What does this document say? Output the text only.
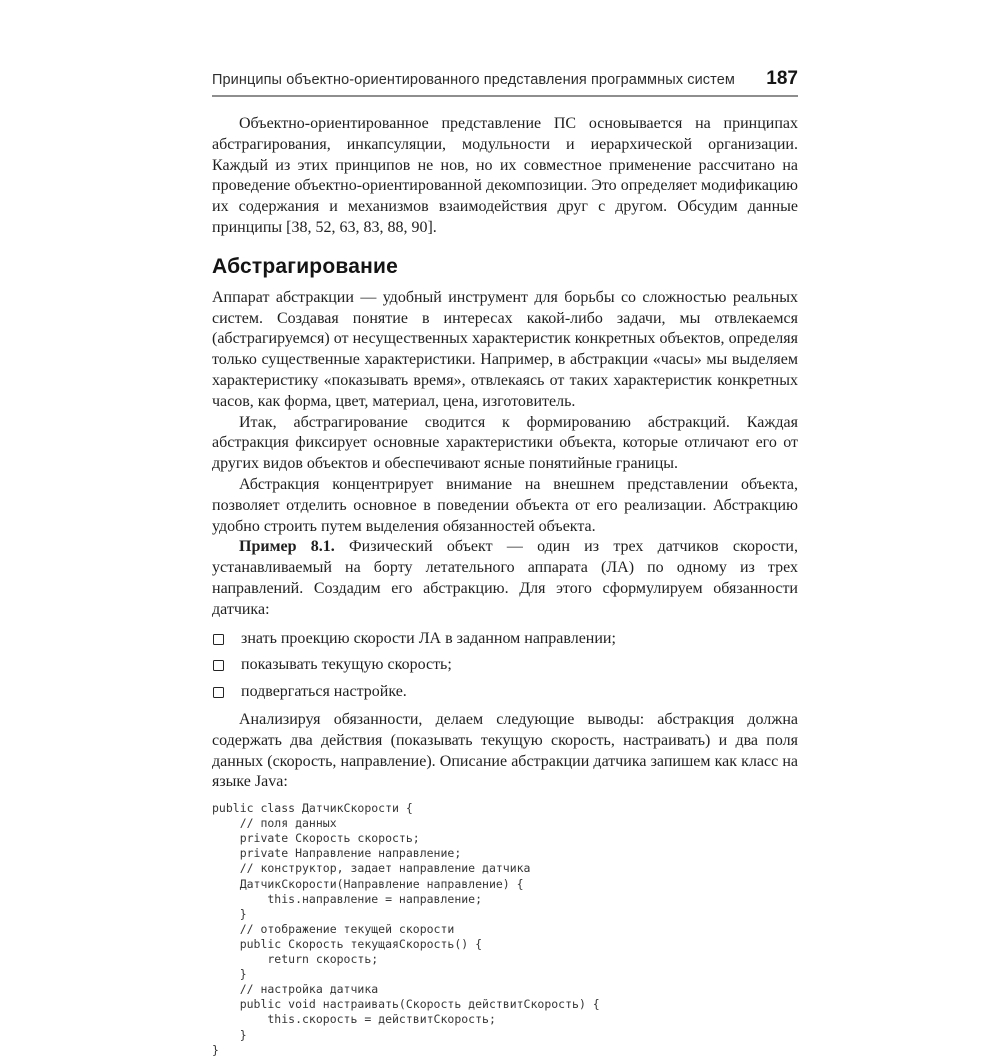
Принципы объектно-ориентированного представления программных систем 187

Объектно-ориентированное представление ПС основывается на принципах абстрагирования, инкапсуляции, модульности и иерархической организации. Каждый из этих принципов не нов, но их совместное применение рассчитано на проведение объектно-ориентированной декомпозиции. Это определяет модификацию их содержания и механизмов взаимодействия друг с другом. Обсудим данные принципы [38, 52, 63, 83, 88, 90].

Абстрагирование

Аппарат абстракции — удобный инструмент для борьбы со сложностью реальных систем. Создавая понятие в интересах какой-либо задачи, мы отвлекаемся (абстрагируемся) от несущественных характеристик конкретных объектов, определяя только существенные характеристики. Например, в абстракции «часы» мы выделяем характеристику «показывать время», отвлекаясь от таких характеристик конкретных часов, как форма, цвет, материал, цена, изготовитель.

Итак, абстрагирование сводится к формированию абстракций. Каждая абстракция фиксирует основные характеристики объекта, которые отличают его от других видов объектов и обеспечивают ясные понятийные границы.

Абстракция концентрирует внимание на внешнем представлении объекта, позволяет отделить основное в поведении объекта от его реализации. Абстракцию удобно строить путем выделения обязанностей объекта.

Пример 8.1. Физический объект — один из трех датчиков скорости, устанавливаемый на борту летательного аппарата (ЛА) по одному из трех направлений. Создадим его абстракцию. Для этого сформулируем обязанности датчика:

знать проекцию скорости ЛА в заданном направлении;
показывать текущую скорость;
подвергаться настройке.

Анализируя обязанности, делаем следующие выводы: абстракция должна содержать два действия (показывать текущую скорость, настраивать) и два поля данных (скорость, направление). Описание абстракции датчика запишем как класс на языке Java:

public class ДатчикСкорости {
// поля данных
private Скорость скорость;
private Направление направление;
// конструктор, задает направление датчика
ДатчикСкорости(Направление направление) {
this.направление = направление;
}
// отображение текущей скорости
public Скорость текущаяСкорость() {
return скорость;
}
// настройка датчика
public void настраивать(Скорость действитСкорость) {
this.скорость = действитСкорость;
}
}
